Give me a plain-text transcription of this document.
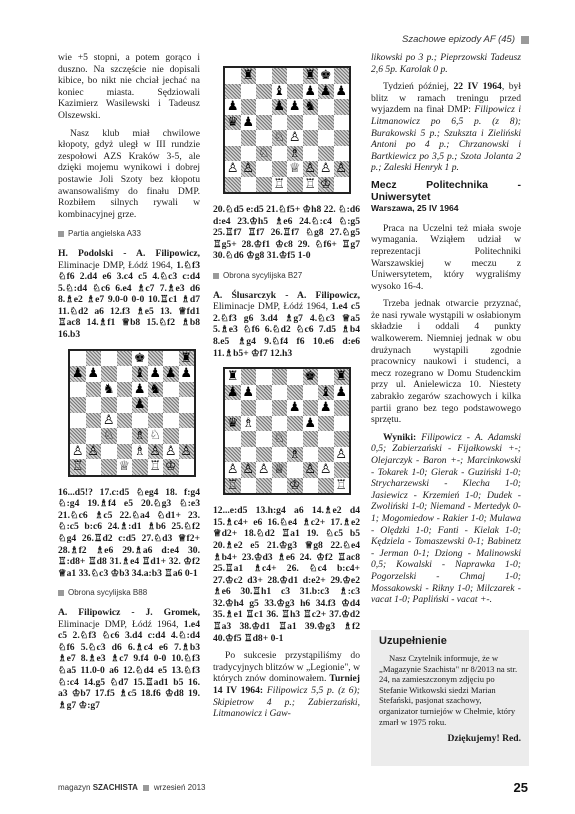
Szachowe epizody AF (45)

wie +5 stopni, a potem gorąco i duszno. Na szczęście nie dopisali kibice, bo nikt nie chciał jechać na koniec miasta. Sędziowali Kazimierz Wasilewski i Tadeusz Olszewski.

Nasz klub miał chwilowe kłopoty, gdyż uległ w III rundzie zespołowi AZS Kraków 3-5, ale dzięki mojemu wynikowi i dobrej postawie Joli Szoty bez kłopotu awansowaliśmy do finału DMP. Rozbiłem silnych rywali w kombinacyjnej grze.

Partia angielska A33

H. Podolski - A. Filipowicz, Eliminacje DMP, Łódź 1964, 1.♘f3 ♘f6 2.d4 e6 3.c4 c5 4.♘c3 c:d4 5.♘:d4 ♘c6 6.e4 ♗c7 7.♗e3 d6 8.♗e2 ♗e7 9.0-0 0-0 10.♖c1 ♗d7 11.♘d2 a6 12.f3 ♗e5 13. ♕fd1 ♖ac8 14.♗f1 ♕b8 15.♘f2 ♗b8 16.b3

♚	♜
♟ ♟	♝ ♟ ♟ ♟
♞ ♟ ♞
♟
♙
♘ ♗ ♘
♙ ♙	♗ ♙ ♙ ♙
♖	♕ ♖ ♔

16...d5!? 17.c:d5 ♘eg4 18. f:g4 ♘:g4 19.♗f4 e5 20.♘g3 ♘:e3 21.♘c6 ♗c5 22.♘a4 ♘d1+ 23. ♘:c5 b:c6 24.♗:d1 ♗b6 25.♘f2 ♘g4 26.♖d2 c:d5 27.♘d3 ♕f2+ 28.♗f2 ♗e6 29.♗a6 d:e4 30. ♖:d8+ ♖d8 31.♗e4 ♖d1+ 32. ♔f2 ♕a1 33.♘c3 ♔b3 34.a:b3 ♖a6 0-1

Obrona sycylijska B88

A. Filipowicz - J. Gromek, Eliminacje DMP, Łódź 1964, 1.e4 c5 2.♘f3 ♘c6 3.d4 c:d4 4.♘:d4 ♘f6 5.♘c3 d6 6.♗c4 e6 7.♗b3 ♗e7 8.♗e3 ♗c7 9.f4 0-0 10.♘f3 ♘a5 11.0-0 a6 12.♘d4 e5 13.♘f3 ♘:c4 14.g5 ♘d7 15.♖ad1 b5 16. a3 ♔b7 17.f5 ♗c5 18.f6 ♔d8 19. ♗g7 ♔:g7

♜	♜ ♚
♝ ♟ ♟ ♟
♟	♟ ♟ ♞
♛ ♟
♘ ♙
♘ ♗
♙ ♙	♕ ♙ ♙ ♙
♖ ♖ ♔

20.♘d5 e:d5 21.♘f5+ ♔h8 22. ♘:d6 d:e4 23.♔h5 ♗e6 24.♘:c4 ♘:g5 25.♖f7 ♖f7 26.♖f7 ♘g8 27.♘g5 ♖g5+ 28.♔f1 ♔c8 29. ♘f6+ ♖g7 30.♘d6 ♔g8 31.♔f5 1-0

Obrona sycylijska B27

A. Ślusarczyk - A. Filipowicz, Eliminacje DMP, Łódź 1964, 1.e4 c5 2.♘f3 g6 3.d4 ♗g7 4.♘c3 ♕a5 5.♗e3 ♘f6 6.♘d2 ♘c6 7.d5 ♗b4 8.e5 ♗g4 9.♘f4 f6 10.e6 d:e6 11.♗b5+ ♔f7 12.h3

♜	♚ ♜
♟ ♟	♝ ♟
♟ ♟
♛ ♗	♟
♘
♗	♙
♙ ♙ ♙ ♕ ♙ ♙
♖	♔	♖

12...e:d5 13.h:g4 a6 14.♗e2 d4 15.♗c4+ e6 16.♘e4 ♗c2+ 17.♗e2 ♕d2+ 18.♘d2 ♖a1 19. ♘c5 b5 20.♗e2 e5 21.♔g3 ♕g8 22.♘e4 ♗b4+ 23.♔d3 ♗e6 24. ♔f2 ♖ac8 25.♖a1 ♗c4+ 26. ♘c4 b:c4+ 27.♔c2 d3+ 28.♔d1 d:e2+ 29.♔e2 ♗e6 30.♖h1 c3 31.b:c3 ♗:c3 32.♔h4 g5 33.♔g3 h6 34.f3 ♔d4 35.♗e1 ♖c1 36. ♖h3 ♖c2+ 37.♔d2 ♖a3 38.♔d1 ♖a1 39.♔g3 ♗f2 40.♔f5 ♖d8+ 0-1

Po sukcesie przystąpiliśmy do tradycyjnych blitzów w „Legionie", w których znów dominowałem. Turniej 14 IV 1964: Filipowicz 5,5 p. (z 6); Skipietrow 4 p.; Zabierzański, Litmanowicz i Gaw-

likowski po 3 p.; Pieprzowski Tadeusz 2,6 5p. Karolak 0 p.

Tydzień później, 22 IV 1964, był blitz w ramach treningu przed wyjazdem na finał DMP: Filipowicz i Litmanowicz po 6,5 p. (z 8); Burakowski 5 p.; Szukszta i Zieliński Antoni po 4 p.; Chrzanowski i Bartkiewicz po 3,5 p.; Szota Jolanta 2 p.; Zaleski Henryk 1 p.

Mecz Politechnika - Uniwersytet
Warszawa, 25 IV 1964

Praca na Uczelni też miała swoje wymagania. Wziąłem udział w reprezentacji Politechniki Warszawskiej w meczu z Uniwersytetem, który wygraliśmy wysoko 16-4.

Trzeba jednak otwarcie przyznać, że nasi rywale wystąpili w osłabionym składzie i oddali 4 punkty walkowerem. Niemniej jednak w obu drużynach wystąpili zgodnie pracownicy naukowi i studenci, a mecz rozegrano w Domu Studenckim przy ul. Anielewicza 10. Niestety zabrakło zegarów szachowych i kilka partii grano bez tego podstawowego sprzętu.

Wyniki: Filipowicz - A. Adamski 0,5; Zabierzański - Fijałkowski +-; Olejarczyk - Baron +-; Marcinkowski - Tokarek 1-0; Gierak - Guziński 1-0; Strycharzewski - Klecha 1-0; Jasiewicz - Krzemień 1-0; Dudek - Zwoliński 1-0; Niemand - Mertedyk 0-1; Mogomiedow - Rakier 1-0; Mulawa - Olędzki 1-0; Fanti - Kielak 1-0; Kędziela - Tomaszewski 0-1; Babinetz - Jerman 0-1; Dziong - Malinowski 0,5; Kowalski - Naprawka 1-0; Pogorzelski - Chmaj 1-0; Mossakowski - Rikny 1-0; Milczarek - vacat 1-0; Papliński - vacat +-.

Uzupełnienie

Nasz Czytelnik informuje, że w „Magazynie Szachista" nr 8/2013 na str. 24, na zamieszczonym zdjęciu po Stefanie Witkowski siedzi Marian Stefański, pasjonat szachowy, organizator turniejów w Chełmie, który zmarł w 1975 roku.

Dziękujemy! Red.
magazyn SZACHISTA wrzesień 2013	25
